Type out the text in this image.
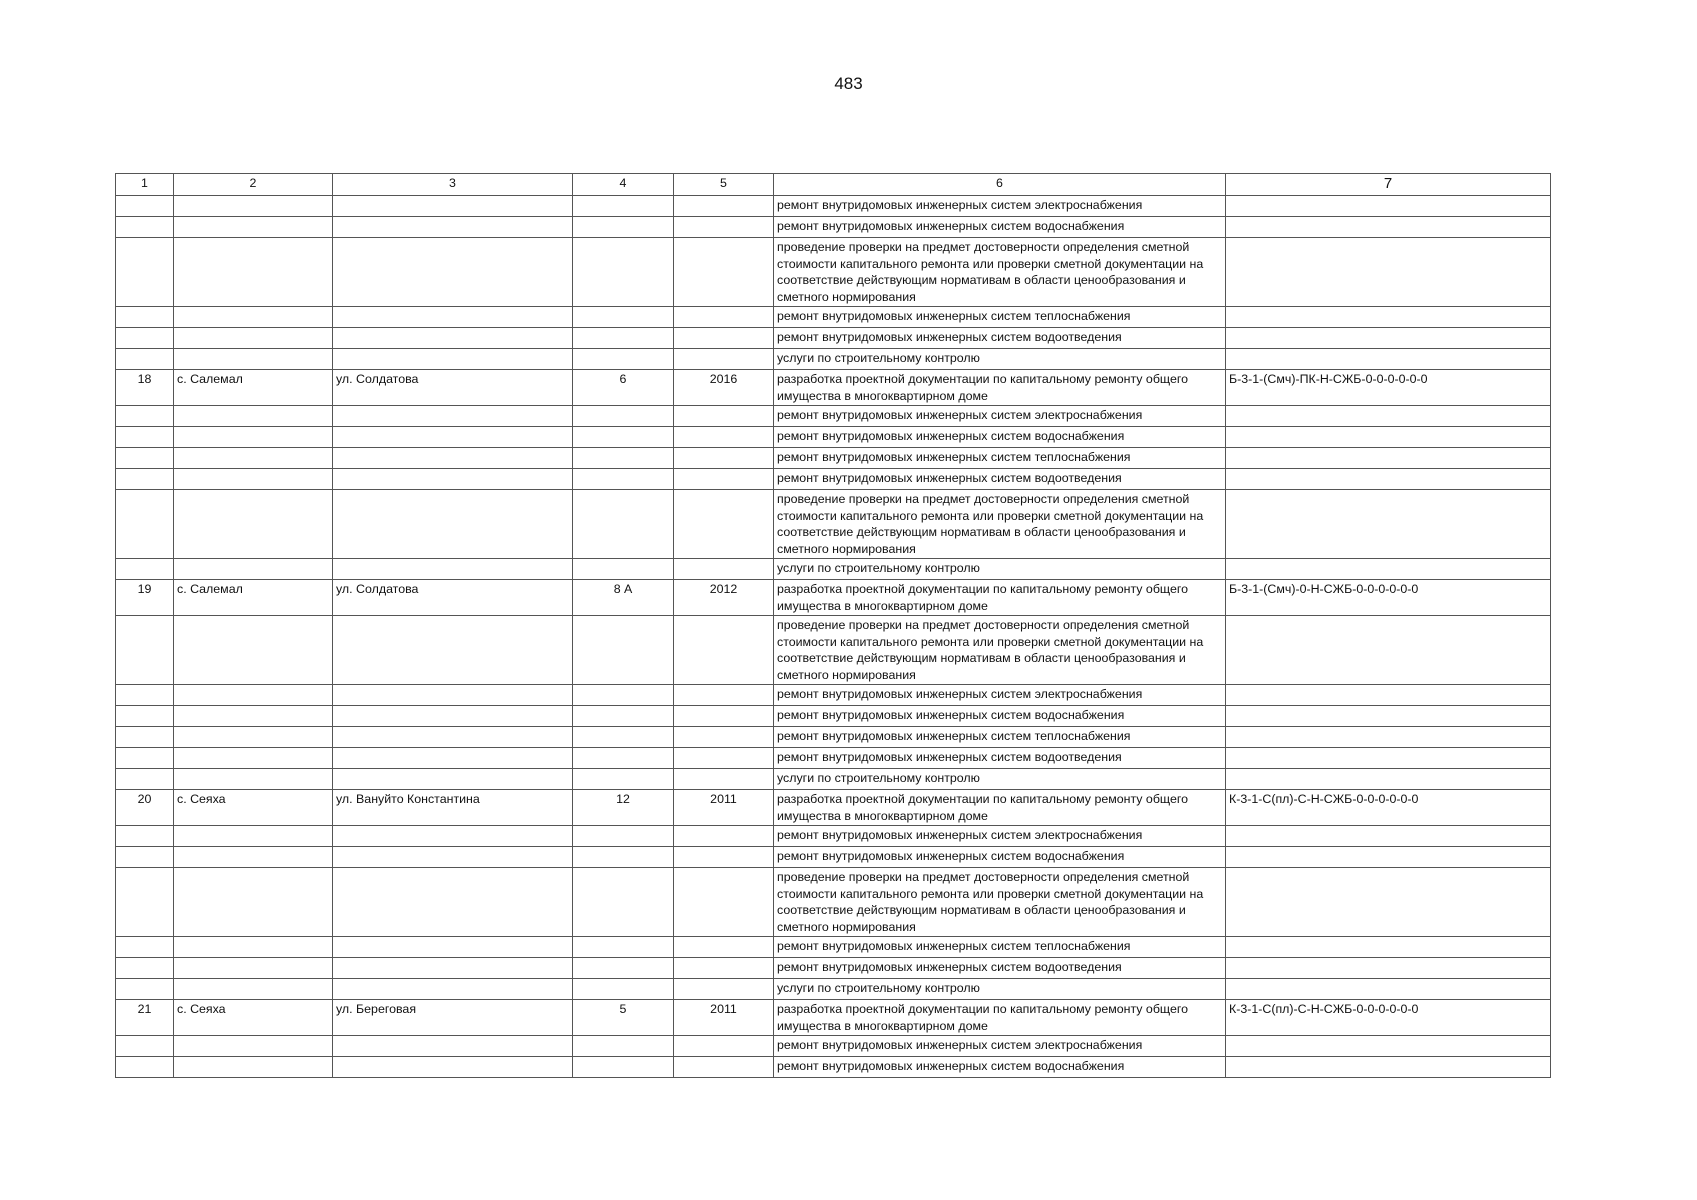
483
1	2	3	4	5	6	7
					ремонт внутридомовых инженерных систем электроснабжения	
					ремонт внутридомовых инженерных систем водоснабжения	
					проведение проверки на предмет достоверности определения сметной стоимости капитального ремонта или проверки сметной документации на соответствие действующим нормативам в области ценообразования и сметного нормирования	
					ремонт внутридомовых инженерных систем теплоснабжения	
					ремонт внутридомовых инженерных систем водоотведения	
					услуги по строительному контролю	
18	с. Салемал	ул. Солдатова	6	2016	разработка проектной документации по капитальному ремонту общего имущества в многоквартирном доме	Б-3-1-(Смч)-ПК-Н-СЖБ-0-0-0-0-0-0
					ремонт внутридомовых инженерных систем электроснабжения	
					ремонт внутридомовых инженерных систем водоснабжения	
					ремонт внутридомовых инженерных систем теплоснабжения	
					ремонт внутридомовых инженерных систем водоотведения	
					проведение проверки на предмет достоверности определения сметной стоимости капитального ремонта или проверки сметной документации на соответствие действующим нормативам в области ценообразования и сметного нормирования	
					услуги по строительному контролю	
19	с. Салемал	ул. Солдатова	8 А	2012	разработка проектной документации по капитальному ремонту общего имущества в многоквартирном доме	Б-3-1-(Смч)-0-Н-СЖБ-0-0-0-0-0-0
					проведение проверки на предмет достоверности определения сметной стоимости капитального ремонта или проверки сметной документации на соответствие действующим нормативам в области ценообразования и сметного нормирования	
					ремонт внутридомовых инженерных систем электроснабжения	
					ремонт внутридомовых инженерных систем водоснабжения	
					ремонт внутридомовых инженерных систем теплоснабжения	
					ремонт внутридомовых инженерных систем водоотведения	
					услуги по строительному контролю	
20	с. Сеяха	ул. Вануйто Константина	12	2011	разработка проектной документации по капитальному ремонту общего имущества в многоквартирном доме	К-3-1-С(пл)-С-Н-СЖБ-0-0-0-0-0-0
					ремонт внутридомовых инженерных систем электроснабжения	
					ремонт внутридомовых инженерных систем водоснабжения	
					проведение проверки на предмет достоверности определения сметной стоимости капитального ремонта или проверки сметной документации на соответствие действующим нормативам в области ценообразования и сметного нормирования	
					ремонт внутридомовых инженерных систем теплоснабжения	
					ремонт внутридомовых инженерных систем водоотведения	
					услуги по строительному контролю	
21	с. Сеяха	ул. Береговая	5	2011	разработка проектной документации по капитальному ремонту общего имущества в многоквартирном доме	К-3-1-С(пл)-С-Н-СЖБ-0-0-0-0-0-0
					ремонт внутридомовых инженерных систем электроснабжения	
					ремонт внутридомовых инженерных систем водоснабжения	
